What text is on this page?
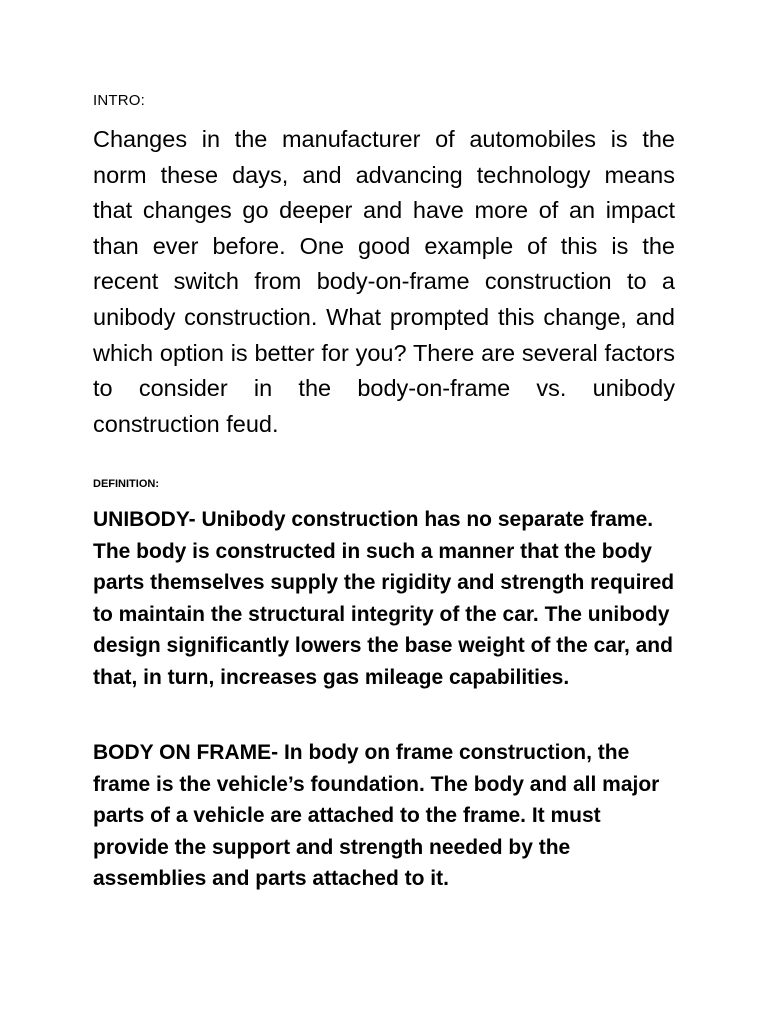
INTRO:

Changes in the manufacturer of automobiles is the norm these days, and advancing technology means that changes go deeper and have more of an impact than ever before. One good example of this is the recent switch from body-on-frame construction to a unibody construction. What prompted this change, and which option is better for you? There are several factors to consider in the body-on-frame vs. unibody construction feud.

DEFINITION:

UNIBODY- Unibody construction has no separate frame. The body is constructed in such a manner that the body parts themselves supply the rigidity and strength required to maintain the structural integrity of the car. The unibody design significantly lowers the base weight of the car, and that, in turn, increases gas mileage capabilities.

BODY ON FRAME- In body on frame construction, the frame is the vehicle’s foundation. The body and all major parts of a vehicle are attached to the frame. It must provide the support and strength needed by the assemblies and parts attached to it.
